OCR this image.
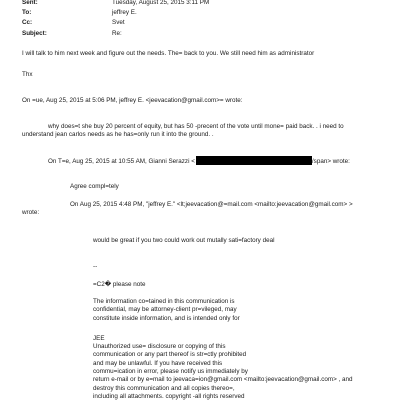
Sent:	Tuesday, August 25, 2015 3:11 PM
To:	jeffrey E.
Cc:	Svet
Subject:	Re:
I will talk to him next week and figure out the needs. The= back to you. We still need him as administrator
Thx
On =ue, Aug 25, 2015 at 5:06 PM, jeffrey E. <jeevacation@gmail.com>= wrote:
why does=t she buy 20 percent of equity, but has 50 -precent of the vote until mone= paid back. . i need to understand jean carlos needs as he has=only run it into the ground. .
On T=e, Aug 25, 2015 at 10:55 AM, Gianni Serazzi <	/span> wrote:
Agree compl=tely
On Aug 25, 2015 4:48 PM, "jeffrey E." <lt;jeevacation@=mail.com <mailto:jeevacation@gmail.com> > wrote:
would be great if you two could work out mutally sati=factory deal
--
=C2� please note
The information co=tained in this communication is
confidential, may be attorney-client pr=vileged, may
constitute inside information, and is intended only for
JEE
Unauthorized use= disclosure or copying of this
communication or any part thereof is str=ctly prohibited
and may be unlawful. If you have received this
commu=ication in error, please notify us immediately by
return e-mail or by e=mail to jeevaca=ion@gmail.com <mailto:jeevacation@gmail.com> , and
destroy this communication and all copies thereo=,
including all attachments. copyright -all rights reserved
